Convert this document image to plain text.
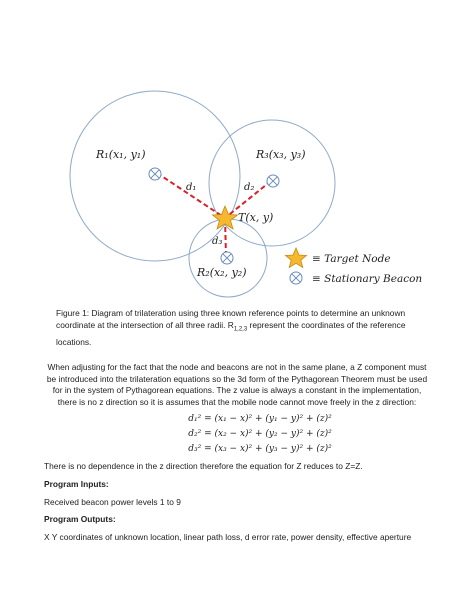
R₁(x₁, y₁)	R₃(x₃, y₃)
R₂(x₂, y₂)
d₁	d₂
d₃
T(x, y)
≡ Target Node
≡ Stationary Beacon
Figure 1: Diagram of trilateration using three known reference points to determine an unknown coordinate at the intersection of all three radii. $R_{1,2,3}$ represent the coordinates of the reference locations.
When adjusting for the fact that the node and beacons are not in the same plane, a Z component must be introduced into the trilateration equations so the 3d form of the Pythagorean Theorem must be used for in the system of Pythagorean equations. The z value is always a constant in the implementation, there is no z direction so it is assumes that the mobile node cannot move freely in the z direction:
d₁² = (x₁ − x)² + (y₁ − y)² + (z)²
d₂² = (x₂ − x)² + (y₂ − y)² + (z)²
d₃² = (x₃ − x)² + (y₃ − y)² + (z)²
There is no dependence in the z direction therefore the equation for Z reduces to Z=Z.
Program Inputs:
Received beacon power levels 1 to 9
Program Outputs:
X Y coordinates of unknown location, linear path loss, d error rate, power density, effective aperture
